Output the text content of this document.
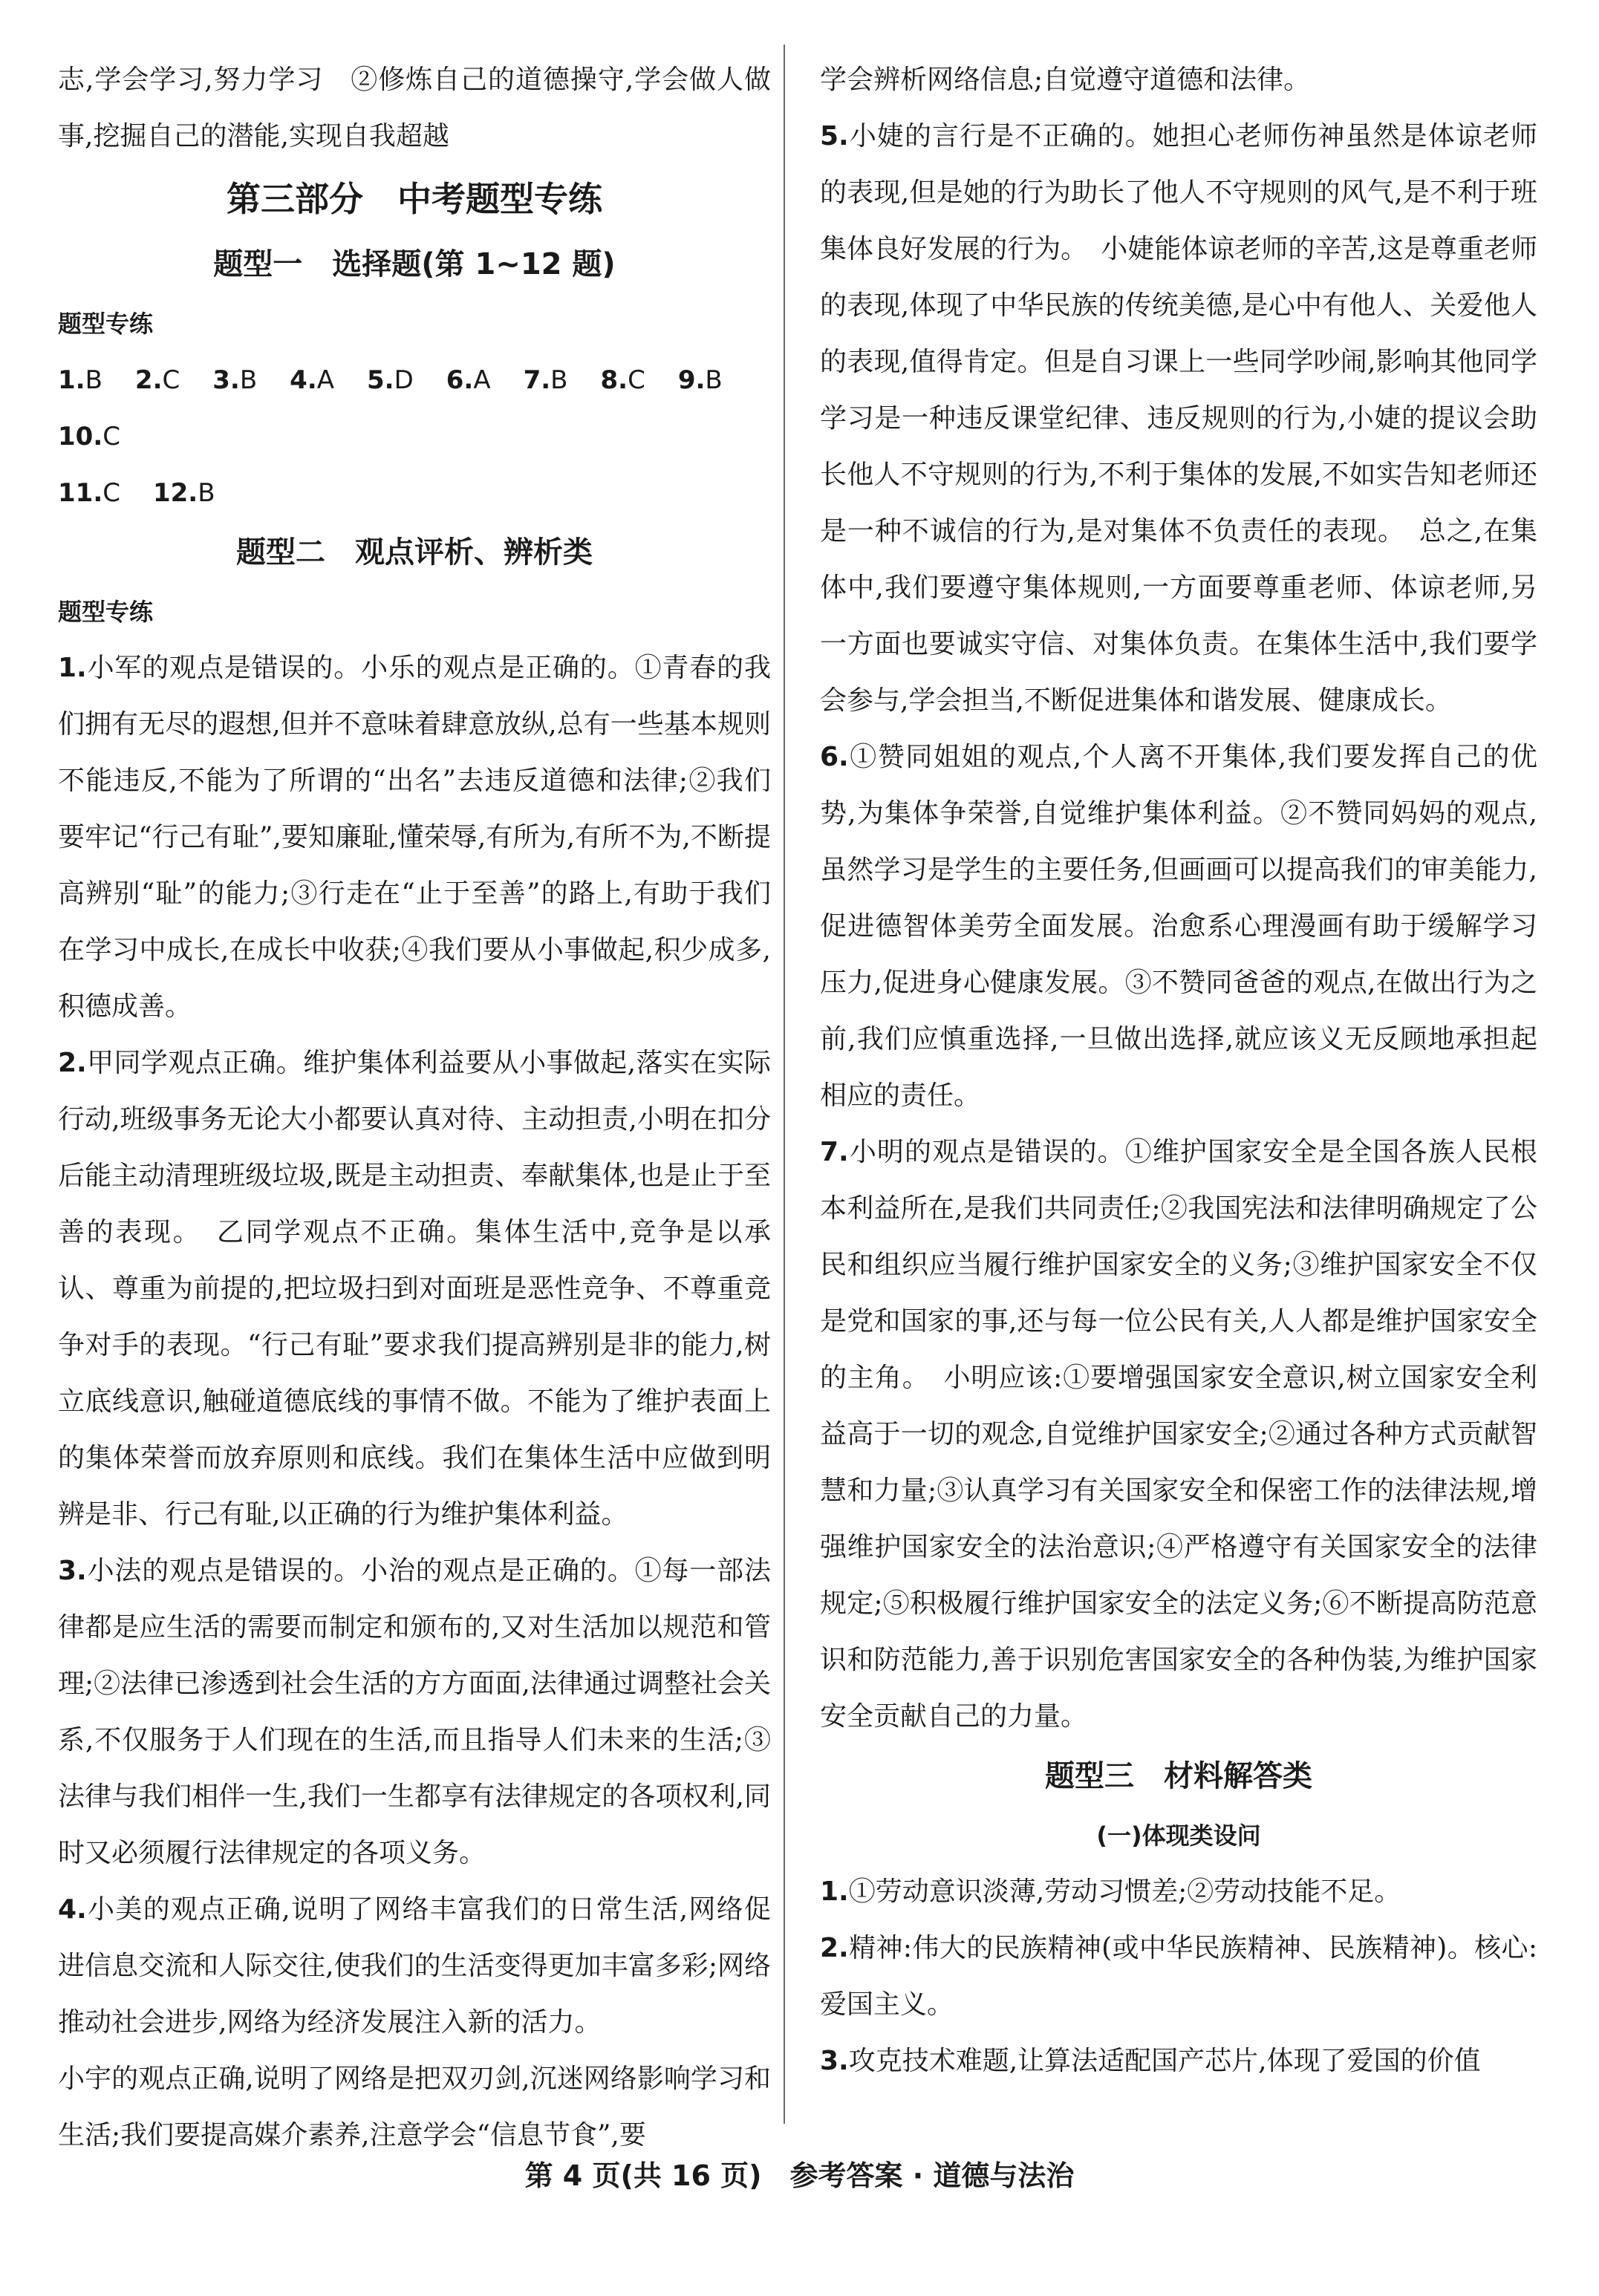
志,学会学习,努力学习　②修炼自己的道德操守,学会做人做事,挖掘自己的潜能,实现自我超越

第三部分　中考题型专练
题型一　选择题(第 1~12 题)

题型专练

1.B 2.C 3.B 4.A 5.D 6.A 7.B 8.C 9.B10.C
11.C 12.B
题型二　观点评析、辨析类

题型专练

1.小军的观点是错误的。小乐的观点是正确的。①青春的我们拥有无尽的遐想,但并不意味着肆意放纵,总有一些基本规则不能违反,不能为了所谓的“出名”去违反道德和法律;②我们要牢记“行己有耻”,要知廉耻,懂荣辱,有所为,有所不为,不断提高辨别“耻”的能力;③行走在“止于至善”的路上,有助于我们在学习中成长,在成长中收获;④我们要从小事做起,积少成多,积德成善。

2.甲同学观点正确。维护集体利益要从小事做起,落实在实际行动,班级事务无论大小都要认真对待、主动担责,小明在扣分后能主动清理班级垃圾,既是主动担责、奉献集体,也是止于至善的表现。　乙同学观点不正确。集体生活中,竞争是以承认、尊重为前提的,把垃圾扫到对面班是恶性竞争、不尊重竞争对手的表现。“行己有耻”要求我们提高辨别是非的能力,树立底线意识,触碰道德底线的事情不做。不能为了维护表面上的集体荣誉而放弃原则和底线。我们在集体生活中应做到明辨是非、行己有耻,以正确的行为维护集体利益。

3.小法的观点是错误的。小治的观点是正确的。①每一部法律都是应生活的需要而制定和颁布的,又对生活加以规范和管理;②法律已渗透到社会生活的方方面面,法律通过调整社会关系,不仅服务于人们现在的生活,而且指导人们未来的生活;③法律与我们相伴一生,我们一生都享有法律规定的各项权利,同时又必须履行法律规定的各项义务。

4.小美的观点正确,说明了网络丰富我们的日常生活,网络促进信息交流和人际交往,使我们的生活变得更加丰富多彩;网络推动社会进步,网络为经济发展注入新的活力。

小宇的观点正确,说明了网络是把双刃剑,沉迷网络影响学习和生活;我们要提高媒介素养,注意学会“信息节食”,要

学会辨析网络信息;自觉遵守道德和法律。

5.小婕的言行是不正确的。她担心老师伤神虽然是体谅老师的表现,但是她的行为助长了他人不守规则的风气,是不利于班集体良好发展的行为。　小婕能体谅老师的辛苦,这是尊重老师的表现,体现了中华民族的传统美德,是心中有他人、关爱他人的表现,值得肯定。但是自习课上一些同学吵闹,影响其他同学学习是一种违反课堂纪律、违反规则的行为,小婕的提议会助长他人不守规则的行为,不利于集体的发展,不如实告知老师还是一种不诚信的行为,是对集体不负责任的表现。　总之,在集体中,我们要遵守集体规则,一方面要尊重老师、体谅老师,另一方面也要诚实守信、对集体负责。在集体生活中,我们要学会参与,学会担当,不断促进集体和谐发展、健康成长。

6.①赞同姐姐的观点,个人离不开集体,我们要发挥自己的优势,为集体争荣誉,自觉维护集体利益。②不赞同妈妈的观点,虽然学习是学生的主要任务,但画画可以提高我们的审美能力,促进德智体美劳全面发展。治愈系心理漫画有助于缓解学习压力,促进身心健康发展。③不赞同爸爸的观点,在做出行为之前,我们应慎重选择,一旦做出选择,就应该义无反顾地承担起相应的责任。

7.小明的观点是错误的。①维护国家安全是全国各族人民根本利益所在,是我们共同责任;②我国宪法和法律明确规定了公民和组织应当履行维护国家安全的义务;③维护国家安全不仅是党和国家的事,还与每一位公民有关,人人都是维护国家安全的主角。　小明应该:①要增强国家安全意识,树立国家安全利益高于一切的观念,自觉维护国家安全;②通过各种方式贡献智慧和力量;③认真学习有关国家安全和保密工作的法律法规,增强维护国家安全的法治意识;④严格遵守有关国家安全的法律规定;⑤积极履行维护国家安全的法定义务;⑥不断提高防范意识和防范能力,善于识别危害国家安全的各种伪装,为维护国家安全贡献自己的力量。

题型三　材料解答类
(一)体现类设问

1.①劳动意识淡薄,劳动习惯差;②劳动技能不足。

2.精神:伟大的民族精神(或中华民族精神、民族精神)。核心:爱国主义。

3.攻克技术难题,让算法适配国产芯片,体现了爱国的价值

第 4 页(共 16 页)　参考答案 · 道德与法治
